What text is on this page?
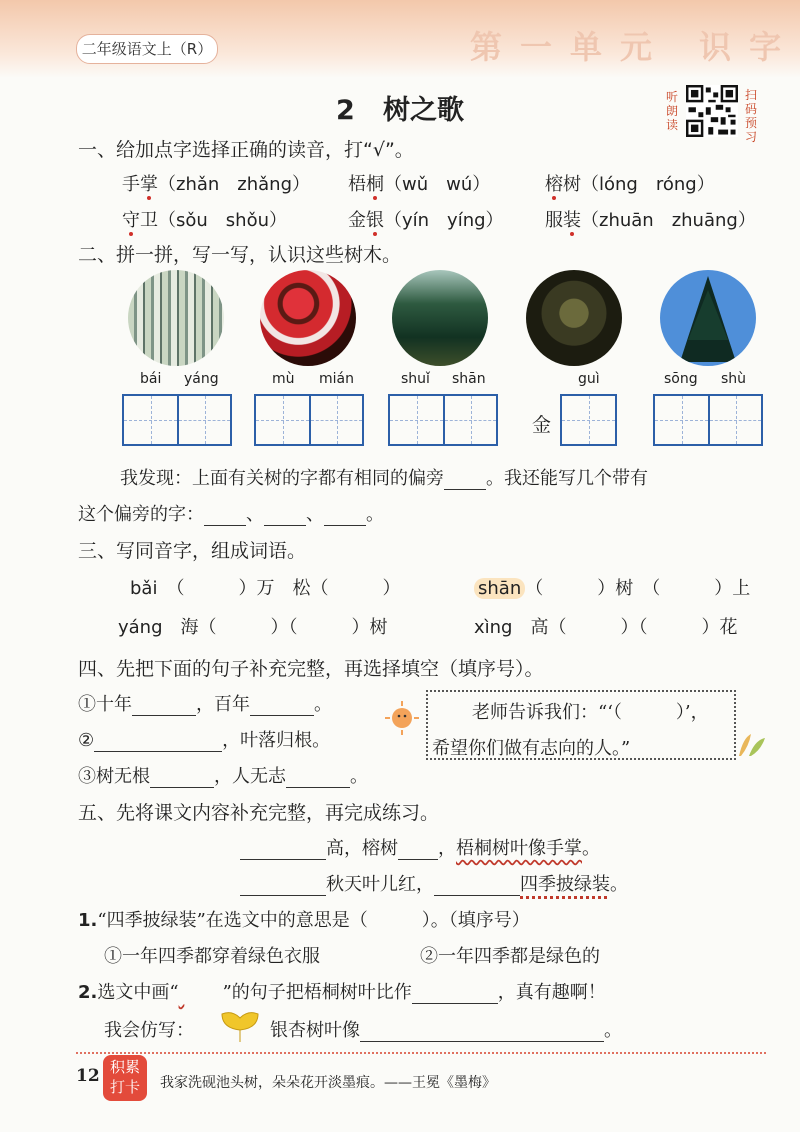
第一单元 识字
二年级语文上（R）
2 树之歌	听朗读
扫码预习
一、给加点字选择正确的读音，打“√”。
手掌（zhǎn　zhǎng） 梧桐（wǔ　wú）	榕树（lóng　róng）
守卫（sǒu　shǒu）	金银（yín　yíng） 服装（zhuān　zhuāng）
二、拼一拼，写一写，认识这些树木。
bái yáng	mù mián	shuǐ shān	guì	sōng shù
金
我发现：上面有关树的字都有相同的偏旁 。我还能写几个带有
这个偏旁的字： 、 、 。
三、写同音字，组成词语。
bǎi　 （　　　）万　松（　　　）	shān （　　　）树　（　　　）上
yáng　 海（　　　）（　　　）树	xìng　 高（　　　）（　　　）花
四、先把下面的句子补充完整，再选择填空（填序号）。
①十年	，百年	。
②	，叶落归根。
③树无根	，人无志	。
老师告诉我们：“‘（　　　）’，
希望你们做有志向的人。”
五、先将课文内容补充完整，再完成练习。
高，榕树 ，梧桐树叶像手掌。
秋天叶儿红，	四季披绿装。
1.“四季披绿装”在选文中的意思是（　　　）。（填序号）
①一年四季都穿着绿色衣服	②一年四季都是绿色的
2.选文中画“ ”的句子把梧桐树叶比作	，真有趣啊！
我会仿写：	银杏树叶像	。
12 积累
打卡	我家洗砚池头树，朵朵花开淡墨痕。——王冕《墨梅》
